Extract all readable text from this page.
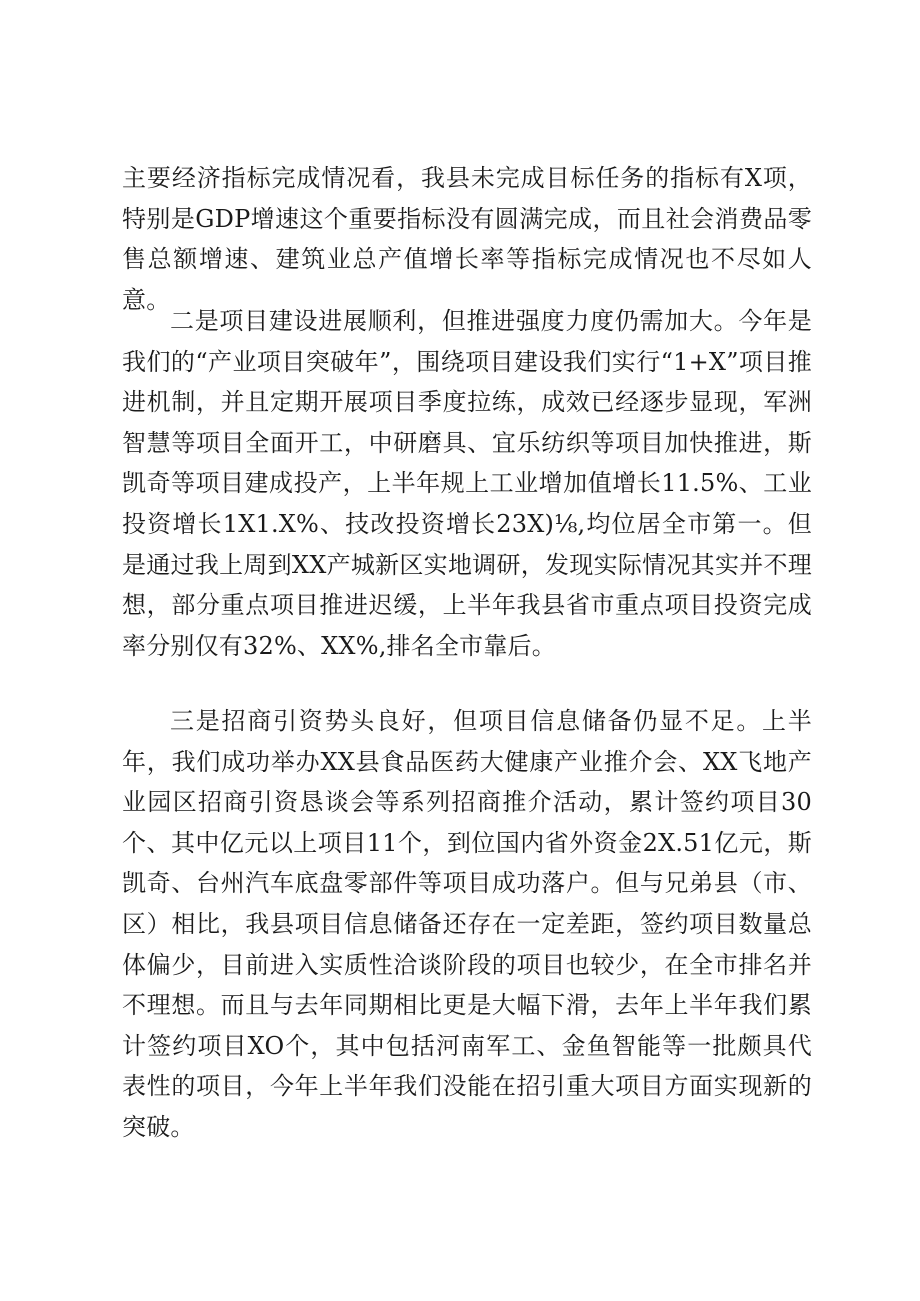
主要经济指标完成情况看，我县未完成目标任务的指标有X项，特别是GDP增速这个重要指标没有圆满完成，而且社会消费品零售总额增速、建筑业总产值增长率等指标完成情况也不尽如人意。

二是项目建设进展顺利，但推进强度力度仍需加大。今年是我们的“产业项目突破年”，围绕项目建设我们实行“1+X”项目推进机制，并且定期开展项目季度拉练，成效已经逐步显现，军洲智慧等项目全面开工，中研磨具、宜乐纺织等项目加快推进，斯凯奇等项目建成投产，上半年规上工业增加值增长11.5%、工业投资增长1X1.X%、技改投资增长23X)⅛,均位居全市第一。但是通过我上周到XX产城新区实地调研，发现实际情况其实并不理想，部分重点项目推进迟缓，上半年我县省市重点项目投资完成率分别仅有32%、XX%,排名全市靠后。

三是招商引资势头良好，但项目信息储备仍显不足。上半年，我们成功举办XX县食品医药大健康产业推介会、XX飞地产业园区招商引资恳谈会等系列招商推介活动，累计签约项目30个、其中亿元以上项目11个，到位国内省外资金2X.51亿元，斯凯奇、台州汽车底盘零部件等项目成功落户。但与兄弟县（市、区）相比，我县项目信息储备还存在一定差距，签约项目数量总体偏少，目前进入实质性洽谈阶段的项目也较少，在全市排名并不理想。而且与去年同期相比更是大幅下滑，去年上半年我们累计签约项目XO个，其中包括河南军工、金鱼智能等一批颇具代表性的项目，今年上半年我们没能在招引重大项目方面实现新的突破。
